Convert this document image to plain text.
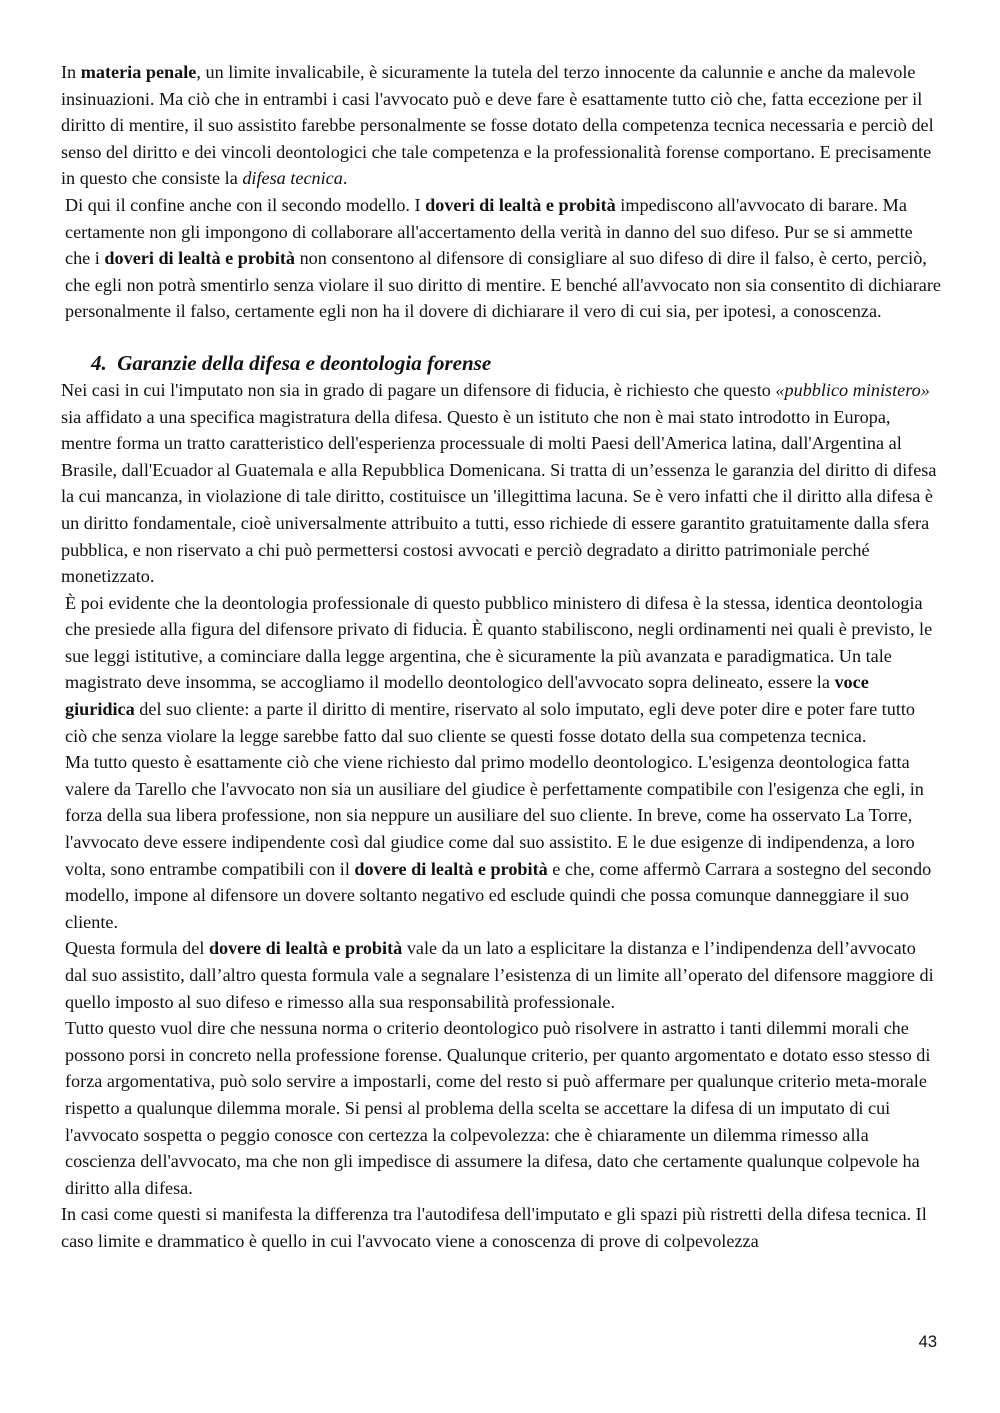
In materia penale, un limite invalicabile, è sicuramente la tutela del terzo innocente da calunnie e anche da malevole insinuazioni. Ma ciò che in entrambi i casi l'avvocato può e deve fare è esattamente tutto ciò che, fatta eccezione per il diritto di mentire, il suo assistito farebbe personalmente se fosse dotato della competenza tecnica necessaria e perciò del senso del diritto e dei vincoli deontologici che tale competenza e la professionalità forense comportano. E precisamente in questo che consiste la difesa tecnica.

Di qui il confine anche con il secondo modello. I doveri di lealtà e probità impediscono all'avvocato di barare. Ma certamente non gli impongono di collaborare all'accertamento della verità in danno del suo difeso. Pur se si ammette che i doveri di lealtà e probità non consentono al difensore di consigliare al suo difeso di dire il falso, è certo, perciò, che egli non potrà smentirlo senza violare il suo diritto di mentire. E benché all'avvocato non sia consentito di dichiarare personalmente il falso, certamente egli non ha il dovere di dichiarare il vero di cui sia, per ipotesi, a conoscenza.

4. Garanzie della difesa e deontologia forense

Nei casi in cui l'imputato non sia in grado di pagare un difensore di fiducia, è richiesto che questo «pubblico ministero» sia affidato a una specifica magistratura della difesa. Questo è un istituto che non è mai stato introdotto in Europa, mentre forma un tratto caratteristico dell'esperienza processuale di molti Paesi dell'America latina, dall'Argentina al Brasile, dall'Ecuador al Guatemala e alla Repubblica Domenicana. Si tratta di un’essenza le garanzia del diritto di difesa la cui mancanza, in violazione di tale diritto, costituisce un 'illegittima lacuna. Se è vero infatti che il diritto alla difesa è un diritto fondamentale, cioè universalmente attribuito a tutti, esso richiede di essere garantito gratuitamente dalla sfera pubblica, e non riservato a chi può permettersi costosi avvocati e perciò degradato a diritto patrimoniale perché monetizzato.

È poi evidente che la deontologia professionale di questo pubblico ministero di difesa è la stessa, identica deontologia che presiede alla figura del difensore privato di fiducia. È quanto stabiliscono, negli ordinamenti nei quali è previsto, le sue leggi istitutive, a cominciare dalla legge argentina, che è sicuramente la più avanzata e paradigmatica. Un tale magistrato deve insomma, se accogliamo il modello deontologico dell'avvocato sopra delineato, essere la voce giuridica del suo cliente: a parte il diritto di mentire, riservato al solo imputato, egli deve poter dire e poter fare tutto ciò che senza violare la legge sarebbe fatto dal suo cliente se questi fosse dotato della sua competenza tecnica.

Ma tutto questo è esattamente ciò che viene richiesto dal primo modello deontologico. L'esigenza deontologica fatta valere da Tarello che l'avvocato non sia un ausiliare del giudice è perfettamente compatibile con l'esigenza che egli, in forza della sua libera professione, non sia neppure un ausiliare del suo cliente. In breve, come ha osservato La Torre, l'avvocato deve essere indipendente così dal giudice come dal suo assistito. E le due esigenze di indipendenza, a loro volta, sono entrambe compatibili con il dovere di lealtà e probità e che, come affermò Carrara a sostegno del secondo modello, impone al difensore un dovere soltanto negativo ed esclude quindi che possa comunque danneggiare il suo cliente.

Questa formula del dovere di lealtà e probità vale da un lato a esplicitare la distanza e l’indipendenza dell’avvocato dal suo assistito, dall’altro questa formula vale a segnalare l’esistenza di un limite all’operato del difensore maggiore di quello imposto al suo difeso e rimesso alla sua responsabilità professionale.

Tutto questo vuol dire che nessuna norma o criterio deontologico può risolvere in astratto i tanti dilemmi morali che possono porsi in concreto nella professione forense. Qualunque criterio, per quanto argomentato e dotato esso stesso di forza argomentativa, può solo servire a impostarli, come del resto si può affermare per qualunque criterio meta-morale rispetto a qualunque dilemma morale. Si pensi al problema della scelta se accettare la difesa di un imputato di cui l'avvocato sospetta o peggio conosce con certezza la colpevolezza: che è chiaramente un dilemma rimesso alla coscienza dell'avvocato, ma che non gli impedisce di assumere la difesa, dato che certamente qualunque colpevole ha diritto alla difesa.

In casi come questi si manifesta la differenza tra l'autodifesa dell'imputato e gli spazi più ristretti della difesa tecnica. Il caso limite e drammatico è quello in cui l'avvocato viene a conoscenza di prove di colpevolezza

43
